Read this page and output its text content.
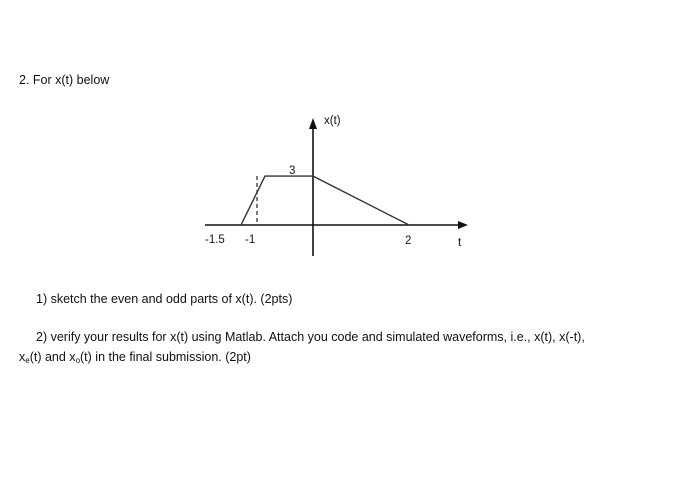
2. For x(t) below
x(t)
t
3
-1.5 -1	2
1) sketch the even and odd parts of x(t). (2pts)
2) verify your results for x(t) using Matlab. Attach you code and simulated waveforms, i.e., x(t), x(-t),
$x_e(t)$ and $x_o(t)$ in the final submission. (2pt)
